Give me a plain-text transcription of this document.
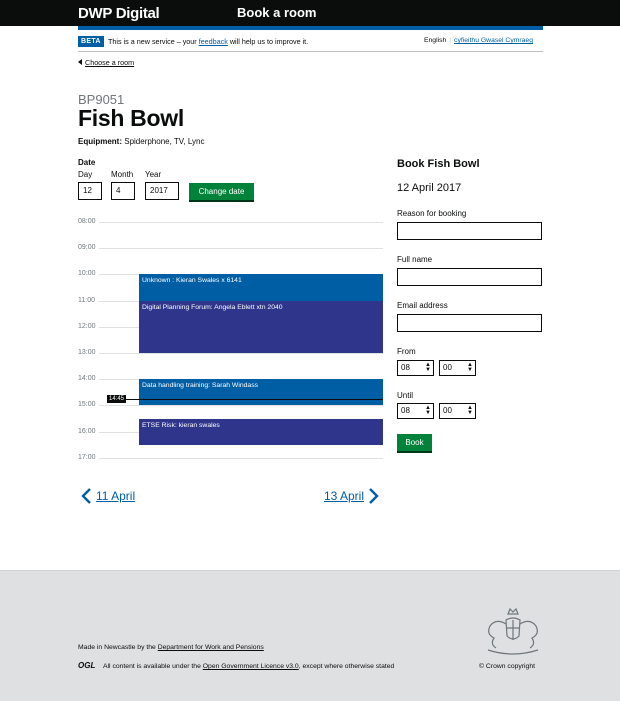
DWP Digital	Book a room
BETA	This is a new service – your feedback will help us to improve it.	English | cyfieithu Gwasel Cymraeg
Choose a room
BP9051
Fish Bowl
Equipment: Spiderphone, TV, Lync
Date
Day
12
Month
4
Year
2017	Change date
08:00
09:00
10:00
11:00
12:00
13:00
14:00
15:00
16:00
17:00
Unknown : Kieran Swales x 6141
Digital Planning Forum: Angela Eblett xtn 2040
Data handling training: Sarah Windass
ETSE Risk: kieran swales
14:45
11 April	13 April
Book Fish Bowl
12 April 2017
Reason for booking
Full name
Email address
From
08	▲
▼	00	▲
▼
Until
08	▲
▼	00	▲
▼
Book
Made in Newcastle by the Department for Work and Pensions
OGL All content is available under the Open Government Licence v3.0, except where otherwise stated	© Crown copyright
